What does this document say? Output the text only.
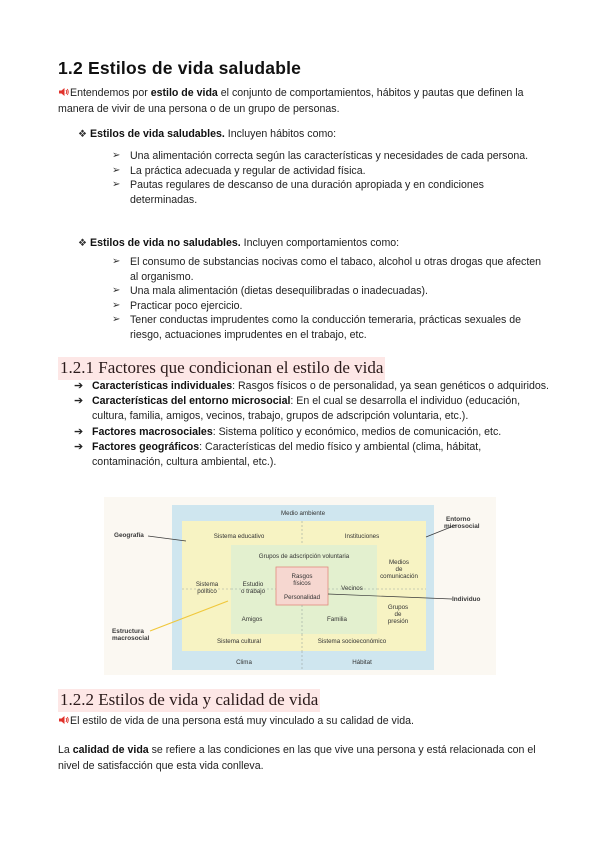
1.2 Estilos de vida saludable
Entendemos por estilo de vida el conjunto de comportamientos, hábitos y pautas que definen la manera de vivir de una persona o de un grupo de personas.
❖ Estilos de vida saludables. Incluyen hábitos como:
➢ Una alimentación correcta según las características y necesidades de cada persona.
➢ La práctica adecuada y regular de actividad física.
➢ Pautas regulares de descanso de una duración apropiada y en condiciones determinadas.
❖ Estilos de vida no saludables. Incluyen comportamientos como:
➢ El consumo de substancias nocivas como el tabaco, alcohol u otras drogas que afecten al organismo.
➢ Una mala alimentación (dietas desequilibradas o inadecuadas).
➢ Practicar poco ejercicio.
➢ Tener conductas imprudentes como la conducción temeraria, prácticas sexuales de riesgo, actuaciones imprudentes en el trabajo, etc.
1.2.1 Factores que condicionan el estilo de vida
➔ Características individuales: Rasgos físicos o de personalidad, ya sean genéticos o adquiridos.
➔ Características del entorno microsocial: En el cual se desarrolla el individuo (educación, cultura, familia, amigos, vecinos, trabajo, grupos de adscripción voluntaria, etc.).
➔ Factores macrosociales: Sistema político y económico, medios de comunicación, etc.
➔ Factores geográficos: Características del medio físico y ambiental (clima, hábitat, contaminación, cultura ambiental, etc.).
Medio ambiente
Sistema educativo	Instituciones
Grupos de adscripción voluntaria
Medios
de
comunicación
Sistema
político
Estudio
o trabajo
Rasgos
físicos
Personalidad
Vecinos
Amigos	Familia
Grupos
de
presión
Sistema cultural	Sistema socioeconómico
Clima	Hábitat
Geografía
Estructura
macrosocial
Entorno
microsocial
Individuo
1.2.2 Estilos de vida y calidad de vida
El estilo de vida de una persona está muy vinculado a su calidad de vida.
La calidad de vida se refiere a las condiciones en las que vive una persona y está relacionada con el nivel de satisfacción que esta vida conlleva.
